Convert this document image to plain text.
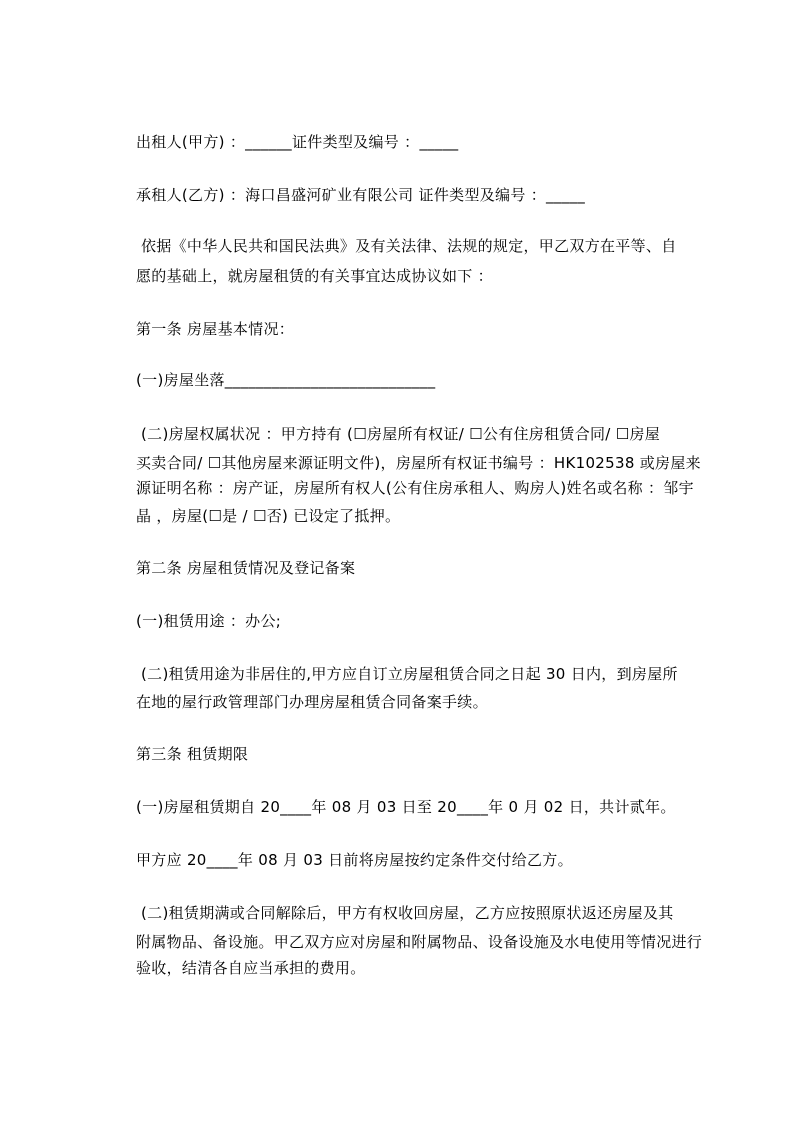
出租人(甲方) ：______证件类型及编号 ：_____
承租人(乙方) ：海口昌盛河矿业有限公司 证件类型及编号 ：_____
依据《中华人民共和国民法典》及有关法律、法规的规定，甲乙双方在平等、自
愿的基础上，就房屋租赁的有关事宜达成协议如下 ：
第一条 房屋基本情况：
(一)房屋坐落___________________________
(二)房屋权属状况 ：甲方持有 (☐房屋所有权证/ ☐公有住房租赁合同/ ☐房屋
买卖合同/ ☐其他房屋来源证明文件)，房屋所有权证书编号 ：HK102538 或房屋来
源证明名称 ：房产证，房屋所有权人(公有住房承租人、购房人)姓名或名称 ：邹宇
晶 ，房屋(☐是 / ☐否) 已设定了抵押。
第二条 房屋租赁情况及登记备案
(一)租赁用途 ：办公;
(二)租赁用途为非居住的,甲方应自订立房屋租赁合同之日起 30 日内，到房屋所
在地的屋行政管理部门办理房屋租赁合同备案手续。
第三条 租赁期限
(一)房屋租赁期自 20____年 08 月 03 日至 20____年 0 月 02 日，共计贰年。
甲方应 20____年 08 月 03 日前将房屋按约定条件交付给乙方。
(二)租赁期满或合同解除后，甲方有权收回房屋，乙方应按照原状返还房屋及其
附属物品、备设施。甲乙双方应对房屋和附属物品、设备设施及水电使用等情况进行
验收，结清各自应当承担的费用。
